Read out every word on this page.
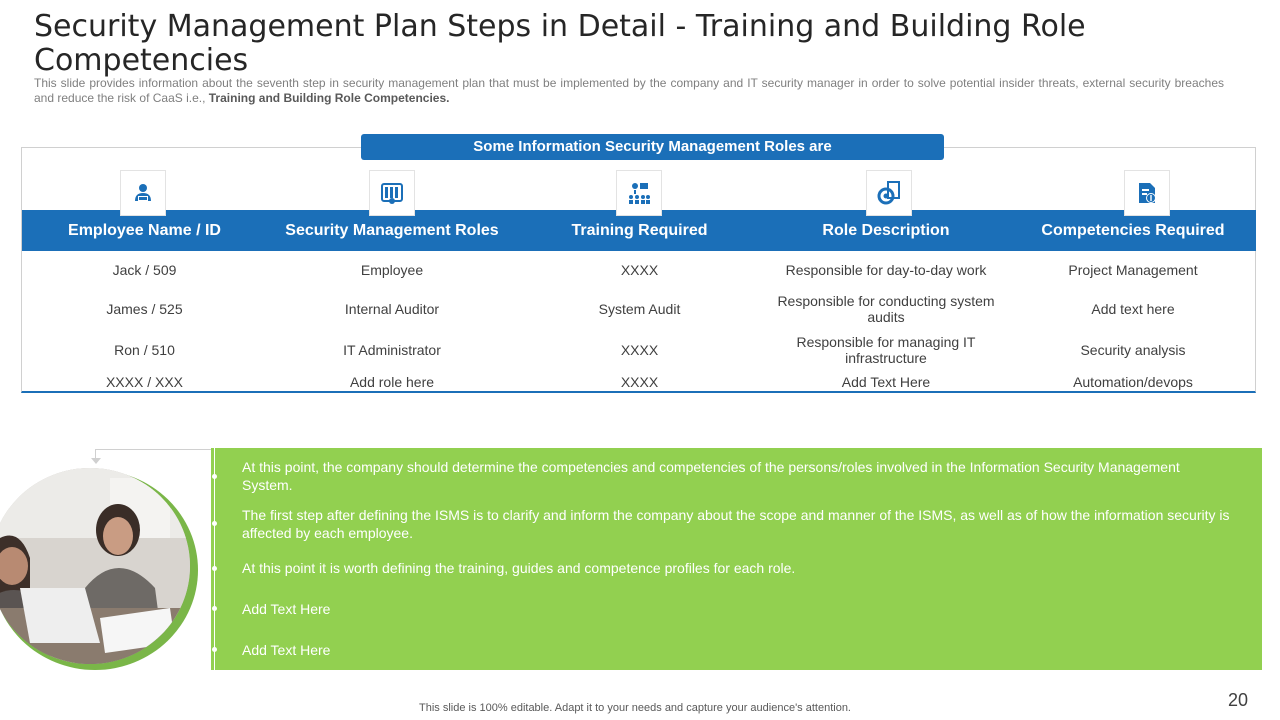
Security Management Plan Steps in Detail - Training and Building Role Competencies
This slide provides information about the seventh step in security management plan that must be implemented by the company and IT security manager in order to solve potential insider threats, external security breaches and reduce the risk of CaaS i.e., Training and Building Role Competencies.
Some Information Security Management Roles are
Employee Name / ID	Security Management Roles	Training Required	Role Description	Competencies Required
Jack / 509	Employee	XXXX	Responsible for day-to-day work	Project Management
James / 525	Internal Auditor	System Audit	Responsible for conducting system audits	Add text here
Ron / 510	IT Administrator	XXXX	Responsible for managing IT infrastructure	Security analysis
XXXX / XXX	Add role here	XXXX	Add Text Here	Automation/devops
At this point, the company should determine the competencies and competencies of the persons/roles involved in the Information Security Management System.
The first step after defining the ISMS is to clarify and inform the company about the scope and manner of the ISMS, as well as of how the information security is affected by each employee.
At this point it is worth defining the training, guides and competence profiles for each role.
Add Text Here
Add Text Here
This slide is 100% editable. Adapt it to your needs and capture your audience's attention.	20
